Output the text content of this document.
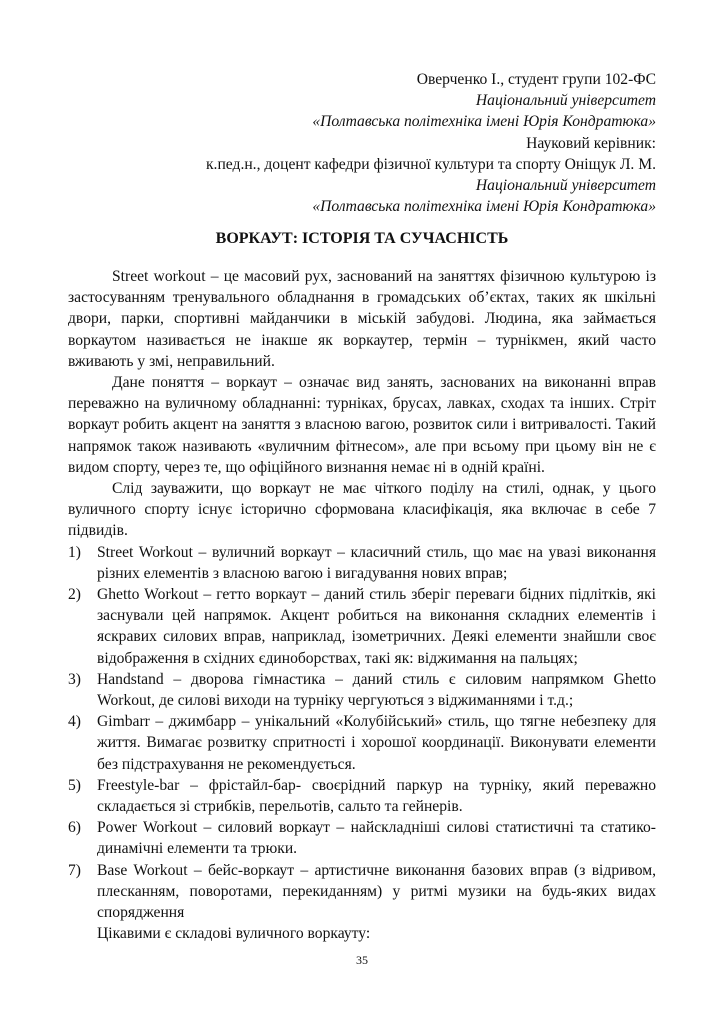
Оверченко І., студент групи 102-ФС
Національний університет
«Полтавська політехніка імені Юрія Кондратюка»
Науковий керівник:
к.пед.н., доцент кафедри фізичної культури та спорту Оніщук Л. М.
Національний університет
«Полтавська політехніка імені Юрія Кондратюка»
ВОРКАУТ: ІСТОРІЯ ТА СУЧАСНІСТЬ

Street workout – це масовий рух, заснований на заняттях фізичною культурою із застосуванням тренувального обладнання в громадських об’єктах, таких як шкільні двори, парки, спортивні майданчики в міській забудові. Людина, яка займається воркаутом називається не інакше як воркаутер, термін – турнікмен, який часто вживають у змі, неправильний.

Дане поняття – воркаут – означає вид занять, заснованих на виконанні вправ переважно на вуличному обладнанні: турніках, брусах, лавках, сходах та інших. Стріт воркаут робить акцент на заняття з власною вагою, розвиток сили і витривалості. Такий напрямок також називають «вуличним фітнесом», але при всьому при цьому він не є видом спорту, через те, що офіційного визнання немає ні в одній країні.

Слід зауважити, що воркаут не має чіткого поділу на стилі, однак, у цього вуличного спорту існує історично сформована класифікація, яка включає в себе 7 підвидів.

1) Street Workout – вуличний воркаут – класичний стиль, що має на увазі виконання різних елементів з власною вагою і вигадування нових вправ;
2) Ghetto Workout – гетто воркаут – даний стиль зберіг переваги бідних підлітків, які заснували цей напрямок. Акцент робиться на виконання складних елементів і яскравих силових вправ, наприклад, ізометричних. Деякі елементи знайшли своє відображення в східних єдиноборствах, такі як: віджимання на пальцях;
3) Handstand – дворова гімнастика – даний стиль є силовим напрямком Ghetto Workout, де силові виходи на турніку чергуються з віджиманнями і т.д.;
4) Gimbarr – джимбарр – унікальний «Колубійський» стиль, що тягне небезпеку для життя. Вимагає розвитку спритності і хорошої координації. Виконувати елементи без підстрахування не рекомендується.
5) Freestyle-bar – фрістайл-бар- своєрідний паркур на турніку, який переважно складається зі стрибків, перельотів, сальто та гейнерів.
6) Power Workout – силовий воркаут – найскладніші силові статистичні та статико-динамічні елементи та трюки.
7) Base Workout – бейс-воркаут – артистичне виконання базових вправ (з відривом, плесканням, поворотами, перекиданням) у ритмі музики на будь-яких видах спорядження

Цікавими є складові вуличного воркауту:

35
